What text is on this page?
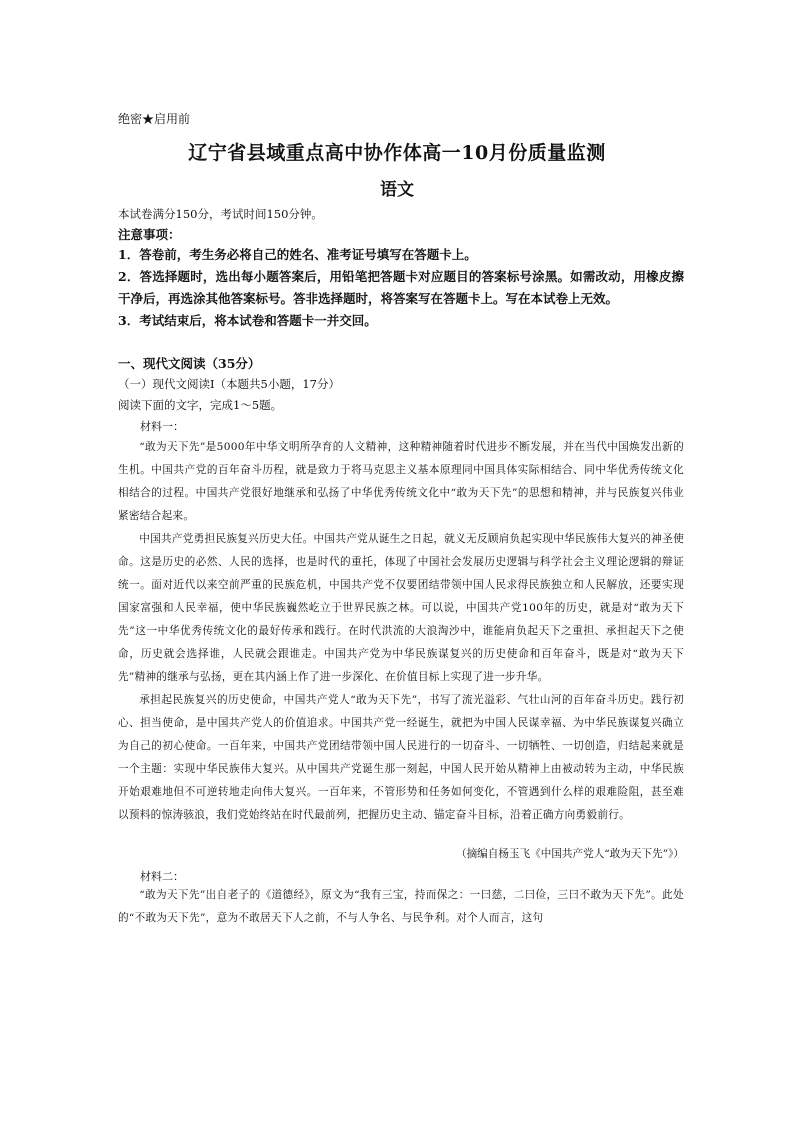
绝密★启用前
辽宁省县域重点高中协作体高一10月份质量监测
语文
本试卷满分150分，考试时间150分钟。
注意事项：
1．答卷前，考生务必将自己的姓名、准考证号填写在答题卡上。
2．答选择题时，选出每小题答案后，用铅笔把答题卡对应题目的答案标号涂黑。如需改动，用橡皮擦干净后，再选涂其他答案标号。答非选择题时，将答案写在答题卡上。写在本试卷上无效。
3．考试结束后，将本试卷和答题卡一并交回。
一、现代文阅读（35分）
（一）现代文阅读Ⅰ（本题共5小题，17分）
阅读下面的文字，完成1～5题。
材料一：
“敢为天下先”是5000年中华文明所孕育的人文精神，这种精神随着时代进步不断发展，并在当代中国焕发出新的生机。中国共产党的百年奋斗历程，就是致力于将马克思主义基本原理同中国具体实际相结合、同中华优秀传统文化相结合的过程。中国共产党很好地继承和弘扬了中华优秀传统文化中“敢为天下先”的思想和精神，并与民族复兴伟业紧密结合起来。
中国共产党勇担民族复兴历史大任。中国共产党从诞生之日起，就义无反顾肩负起实现中华民族伟大复兴的神圣使命。这是历史的必然、人民的选择，也是时代的重托，体现了中国社会发展历史逻辑与科学社会主义理论逻辑的辩证统一。面对近代以来空前严重的民族危机，中国共产党不仅要团结带领中国人民求得民族独立和人民解放，还要实现国家富强和人民幸福，使中华民族巍然屹立于世界民族之林。可以说，中国共产党100年的历史，就是对“敢为天下先”这一中华优秀传统文化的最好传承和践行。在时代洪流的大浪淘沙中，谁能肩负起天下之重担、承担起天下之使命，历史就会选择谁，人民就会跟谁走。中国共产党为中华民族谋复兴的历史使命和百年奋斗，既是对“敢为天下先”精神的继承与弘扬，更在其内涵上作了进一步深化、在价值目标上实现了进一步升华。
承担起民族复兴的历史使命，中国共产党人“敢为天下先”，书写了流光溢彩、气壮山河的百年奋斗历史。践行初心、担当使命，是中国共产党人的价值追求。中国共产党一经诞生，就把为中国人民谋幸福、为中华民族谋复兴确立为自己的初心使命。一百年来，中国共产党团结带领中国人民进行的一切奋斗、一切牺牲、一切创造，归结起来就是一个主题：实现中华民族伟大复兴。从中国共产党诞生那一刻起，中国人民开始从精神上由被动转为主动，中华民族开始艰难地但不可逆转地走向伟大复兴。一百年来，不管形势和任务如何变化，不管遇到什么样的艰难险阻，甚至难以预料的惊涛骇浪，我们党始终站在时代最前列，把握历史主动、锚定奋斗目标，沿着正确方向勇毅前行。
（摘编自杨玉飞《中国共产党人“敢为天下先”》）
材料二：
“敢为天下先”出自老子的《道德经》，原文为“我有三宝，持而保之：一曰慈，二曰俭，三曰不敢为天下先”。此处的“不敢为天下先”，意为不敢居天下人之前，不与人争名、与民争利。对个人而言，这句
